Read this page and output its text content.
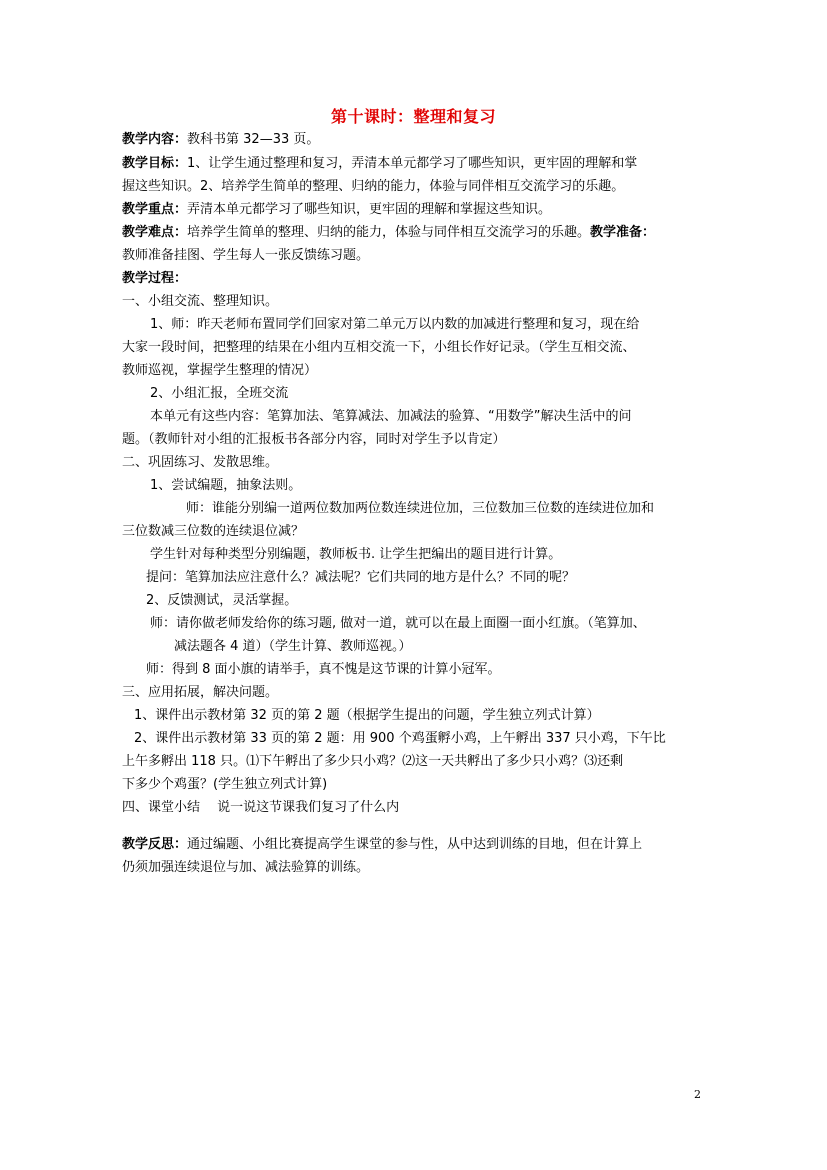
第十课时：整理和复习
教学内容：教科书第 32—33 页。
教学目标：1、让学生通过整理和复习，弄清本单元都学习了哪些知识，更牢固的理解和掌
握这些知识。2、培养学生简单的整理、归纳的能力，体验与同伴相互交流学习的乐趣。
教学重点：弄清本单元都学习了哪些知识，更牢固的理解和掌握这些知识。
教学难点：培养学生简单的整理、归纳的能力，体验与同伴相互交流学习的乐趣。教学准备：
教师准备挂图、学生每人一张反馈练习题。
教学过程：
一、小组交流、整理知识。
1、师：昨天老师布置同学们回家对第二单元万以内数的加减进行整理和复习，现在给
大家一段时间，把整理的结果在小组内互相交流一下，小组长作好记录。（学生互相交流、
教师巡视，掌握学生整理的情况）
2、小组汇报，全班交流
本单元有这些内容：笔算加法、笔算减法、加减法的验算、“用数学”解决生活中的问
题。（教师针对小组的汇报板书各部分内容，同时对学生予以肯定）
二、巩固练习、发散思维。
1、尝试编题，抽象法则。
师：谁能分别编一道两位数加两位数连续进位加，三位数加三位数的连续进位加和
三位数减三位数的连续退位减？
学生针对每种类型分别编题，教师板书. 让学生把编出的题目进行计算。
提问：笔算加法应注意什么？减法呢？它们共同的地方是什么？不同的呢？
2、反馈测试，灵活掌握。
师：请你做老师发给你的练习题, 做对一道，就可以在最上面圈一面小红旗。（笔算加、
减法题各 4 道）（学生计算、教师巡视。）
师：得到 8 面小旗的请举手，真不愧是这节课的计算小冠军。
三、应用拓展，解决问题。
1、课件出示教材第 32 页的第 2 题（根据学生提出的问题，学生独立列式计算）
2、课件出示教材第 33 页的第 2 题：用 900 个鸡蛋孵小鸡，上午孵出 337 只小鸡，下午比
上午多孵出 118 只。⑴下午孵出了多少只小鸡？⑵这一天共孵出了多少只小鸡？⑶还剩
下多少个鸡蛋？(学生独立列式计算)
四、课堂小结　 说一说这节课我们复习了什么内
教学反思：通过编题、小组比赛提高学生课堂的参与性，从中达到训练的目地，但在计算上
仍须加强连续退位与加、减法验算的训练。
2
